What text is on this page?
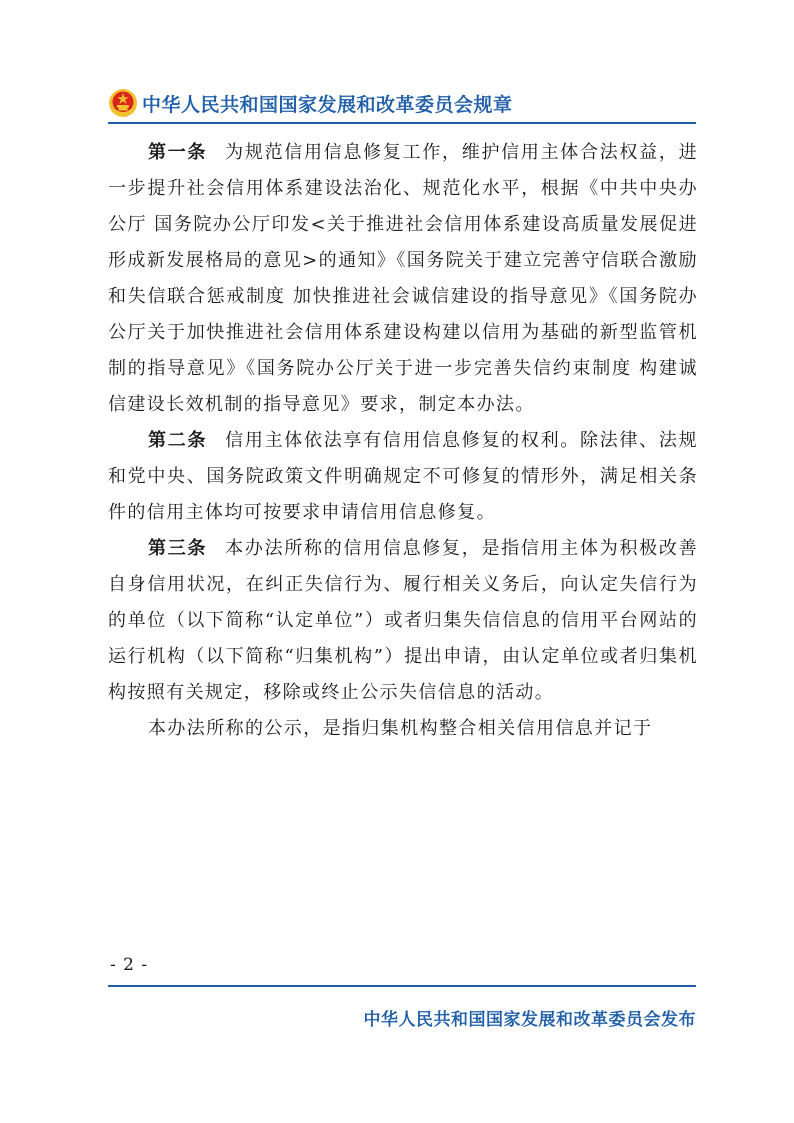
中华人民共和国国家发展和改革委员会规章

第一条 为规范信用信息修复工作，维护信用主体合法权益，进一步提升社会信用体系建设法治化、规范化水平，根据《中共中央办公厅 国务院办公厅印发<关于推进社会信用体系建设高质量发展促进形成新发展格局的意见>的通知》《国务院关于建立完善守信联合激励和失信联合惩戒制度 加快推进社会诚信建设的指导意见》《国务院办公厅关于加快推进社会信用体系建设构建以信用为基础的新型监管机制的指导意见》《国务院办公厅关于进一步完善失信约束制度 构建诚信建设长效机制的指导意见》要求，制定本办法。

第二条 信用主体依法享有信用信息修复的权利。除法律、法规和党中央、国务院政策文件明确规定不可修复的情形外，满足相关条件的信用主体均可按要求申请信用信息修复。

第三条 本办法所称的信用信息修复，是指信用主体为积极改善自身信用状况，在纠正失信行为、履行相关义务后，向认定失信行为的单位（以下简称“认定单位”）或者归集失信信息的信用平台网站的运行机构（以下简称“归集机构”）提出申请，由认定单位或者归集机构按照有关规定，移除或终止公示失信信息的活动。

本办法所称的公示，是指归集机构整合相关信用信息并记于

- 2 -
中华人民共和国国家发展和改革委员会发布
